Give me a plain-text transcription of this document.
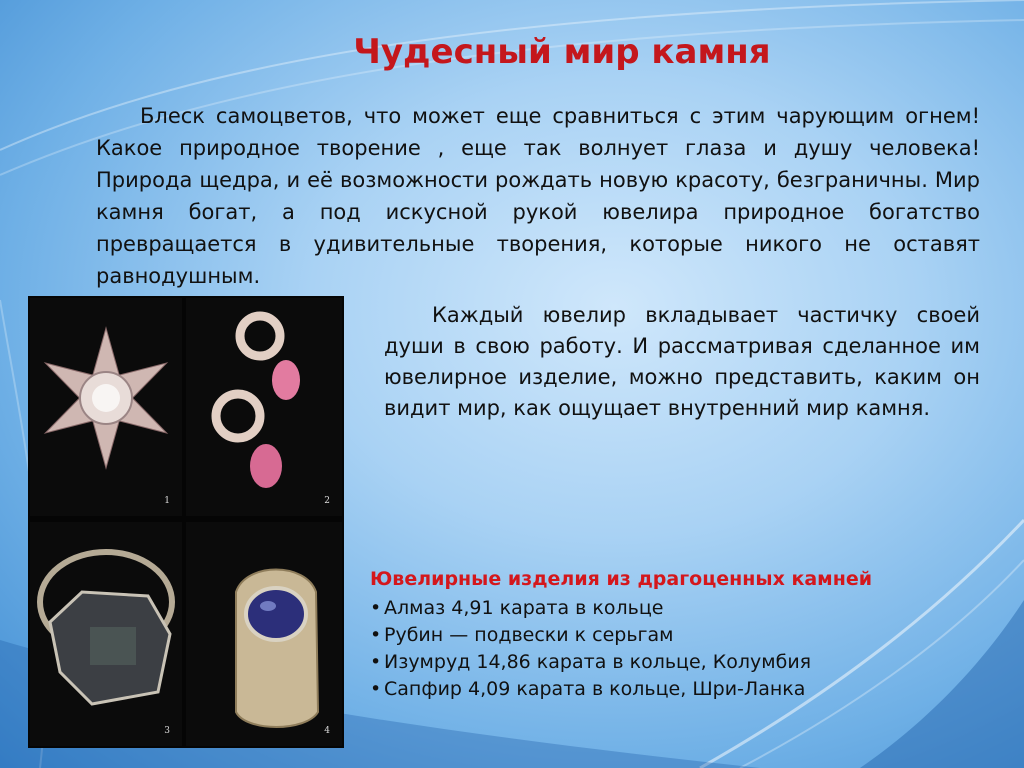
Чудесный мир камня

Блеск самоцветов, что может еще сравниться с этим чарующим огнем! Какое природное творение , еще так волнует глаза и душу человека! Природа щедра, и её возможности рождать новую красоту, безграничны. Мир камня богат, а под искусной рукой ювелира природное богатство превращается в удивительные творения, которые никого не оставят равнодушным.

1	2
3	4

Каждый ювелир вкладывает частичку своей души в свою работу. И рассматривая сделанное им ювелирное изделие, можно представить, каким он видит мир, как ощущает внутренний мир камня.

Ювелирные изделия из драгоценных камней
• Алмаз 4,91 карата в кольце
• Рубин — подвески к серьгам
• Изумруд 14,86 карата в кольце, Колумбия
• Сапфир 4,09 карата в кольце, Шри-Ланка
